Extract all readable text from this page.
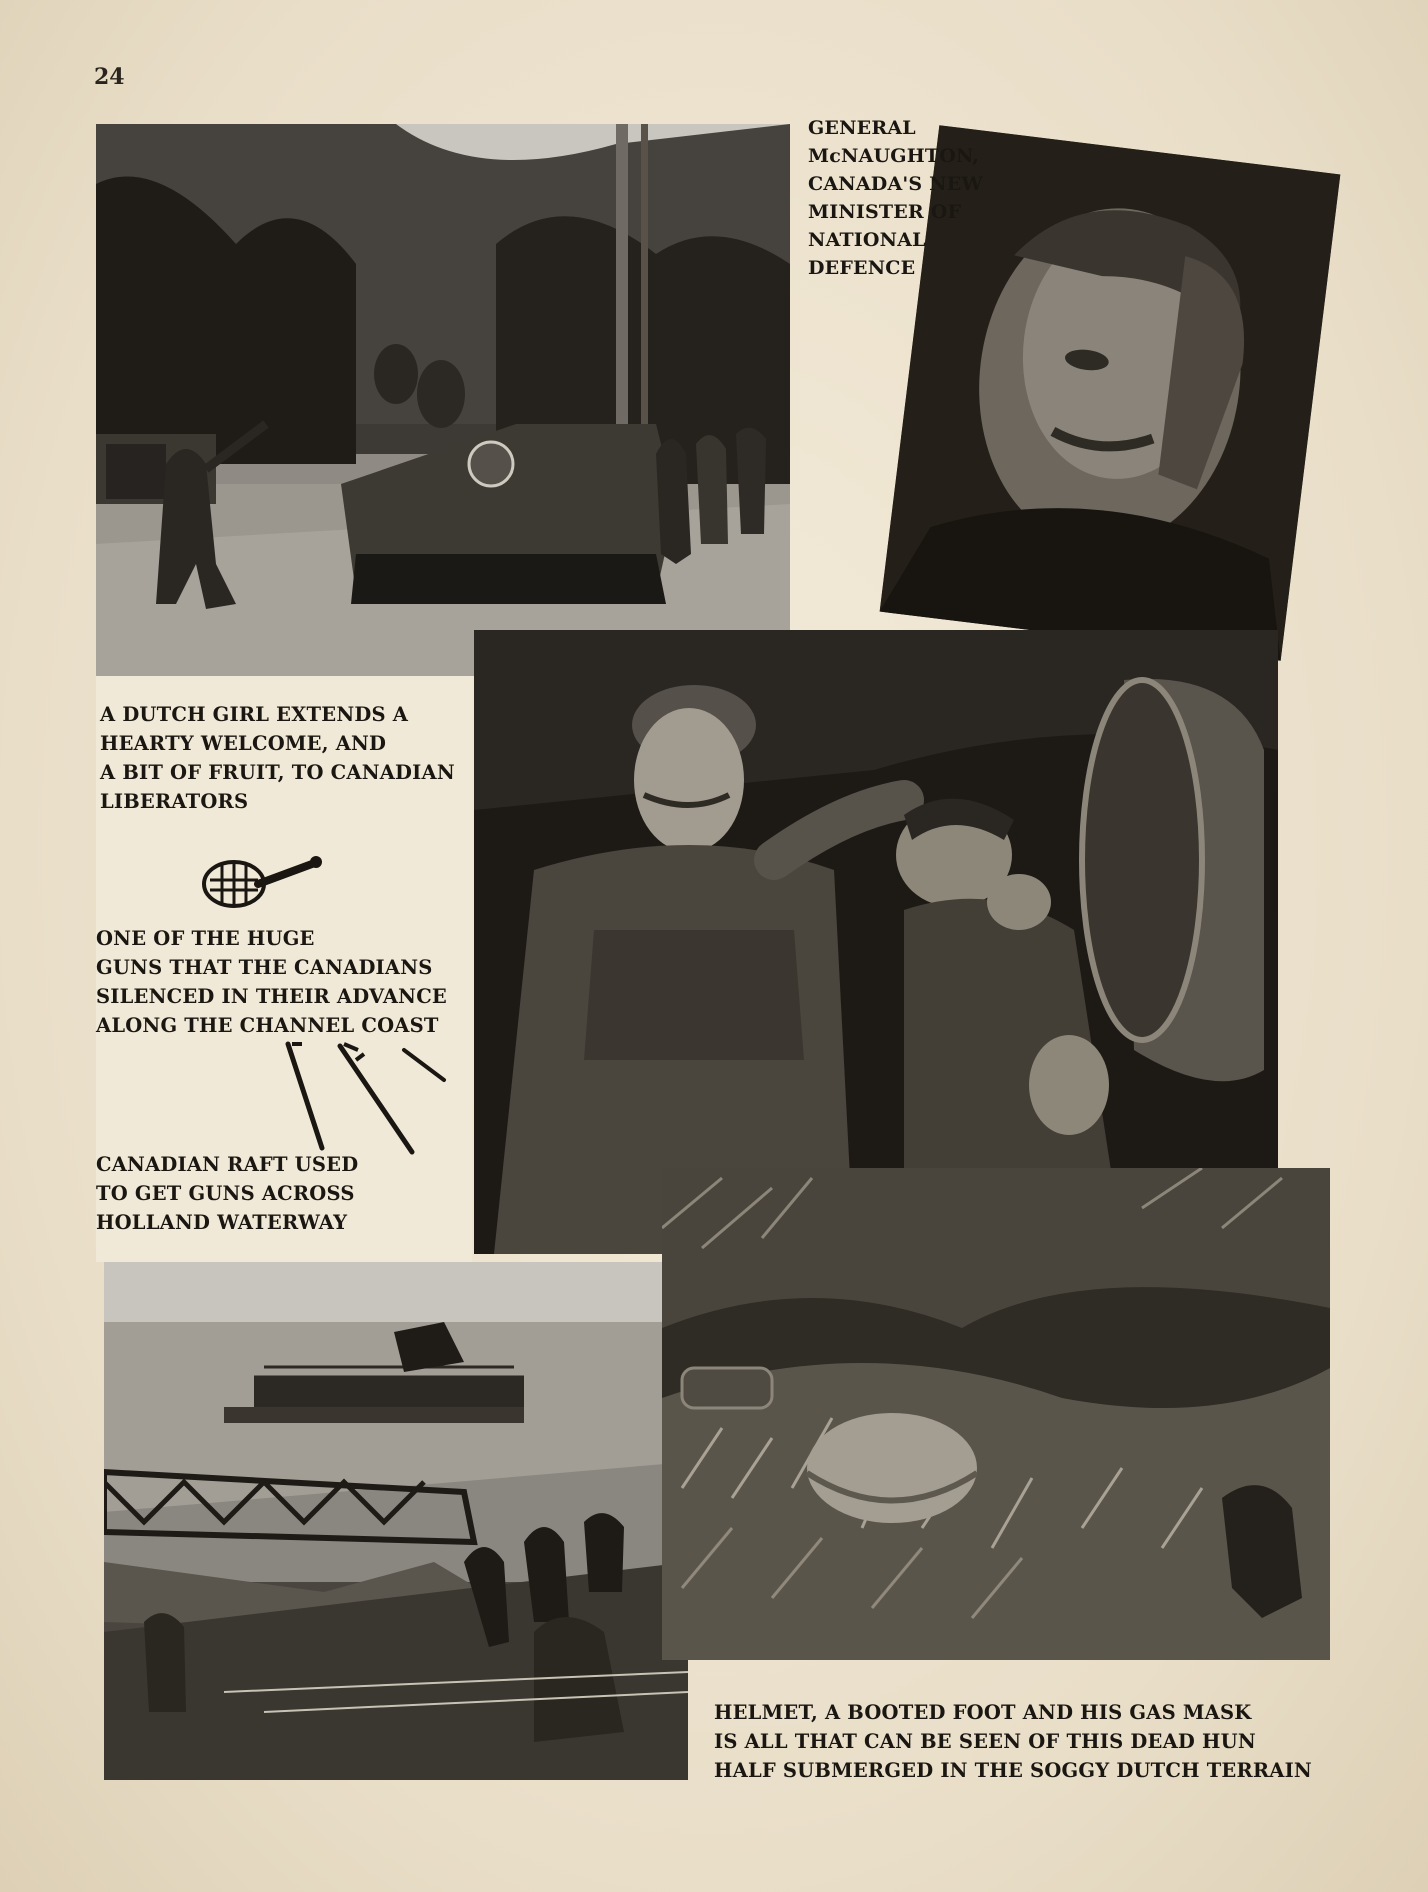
24

GENERAL
McNAUGHTON,
CANADA'S NEW
MINISTER OF
NATIONAL
DEFENCE

A DUTCH GIRL EXTENDS A
HEARTY WELCOME, AND
A BIT OF FRUIT, TO CANADIAN
LIBERATORS

ONE OF THE HUGE
GUNS THAT THE CANADIANS
SILENCED IN THEIR ADVANCE
ALONG THE CHANNEL COAST

CANADIAN RAFT USED
TO GET GUNS ACROSS
HOLLAND WATERWAY

HELMET, A BOOTED FOOT AND HIS GAS MASK
IS ALL THAT CAN BE SEEN OF THIS DEAD HUN
HALF SUBMERGED IN THE SOGGY DUTCH TERRAIN
